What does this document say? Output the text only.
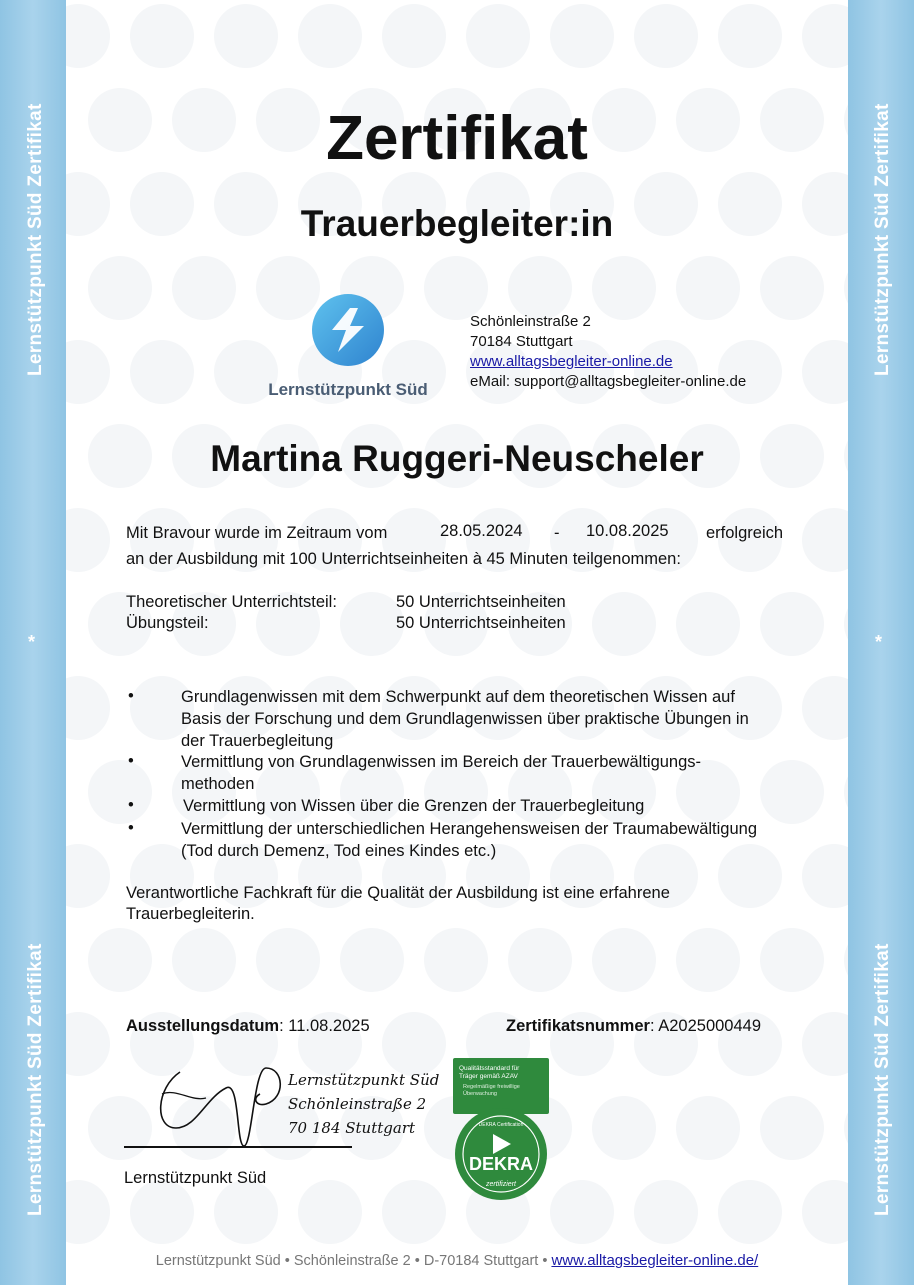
Lernstützpunkt Süd Zertifikat
*
Lernstützpunkt Süd Zertifikat
Lernstützpunkt Süd Zertifikat
*
Lernstützpunkt Süd Zertifikat
Zertifikat
Trauerbegleiter:in
Lernstützpunkt Süd
Schönleinstraße 2
70184 Stuttgart
www.alltagsbegleiter-online.de
eMail: support@alltagsbegleiter-online.de
Martina Ruggeri-Neuscheler
Mit Bravour wurde im Zeitraum vom	28.05.2024 - 10.08.2025 erfolgreich
an der Ausbildung mit 100 Unterrichtseinheiten à 45 Minuten teilgenommen:
Theoretischer Unterrichtsteil:	50 Unterrichtseinheiten
Übungsteil:	50 Unterrichtseinheiten
•	Grundlagenwissen mit dem Schwerpunkt auf dem theoretischen Wissen auf
Basis der Forschung und dem Grundlagenwissen über praktische Übungen in
der Trauerbegleitung
•	Vermittlung von Grundlagenwissen im Bereich der Trauerbewältigungs-
methoden
•	Vermittlung von Wissen über die Grenzen der Trauerbegleitung
•	Vermittlung der unterschiedlichen Herangehensweisen der Traumabewältigung
(Tod durch Demenz, Tod eines Kindes etc.)
Verantwortliche Fachkraft für die Qualität der Ausbildung ist eine erfahrene
Trauerbegleiterin.
Ausstellungsdatum: 11.08.2025	Zertifikatsnummer: A2025000449
Lernstützpunkt Süd
Schönleinstraße 2
70 184 Stuttgart
Lernstützpunkt Süd
Qualitätsstandard für
Träger gemäß AZAV
Regelmäßige freiwillige
Überwachung
DEKRA Certification
DEKRA
zertifiziert
Lernstützpunkt Süd • Schönleinstraße 2 • D-70184 Stuttgart • www.alltagsbegleiter-online.de/
